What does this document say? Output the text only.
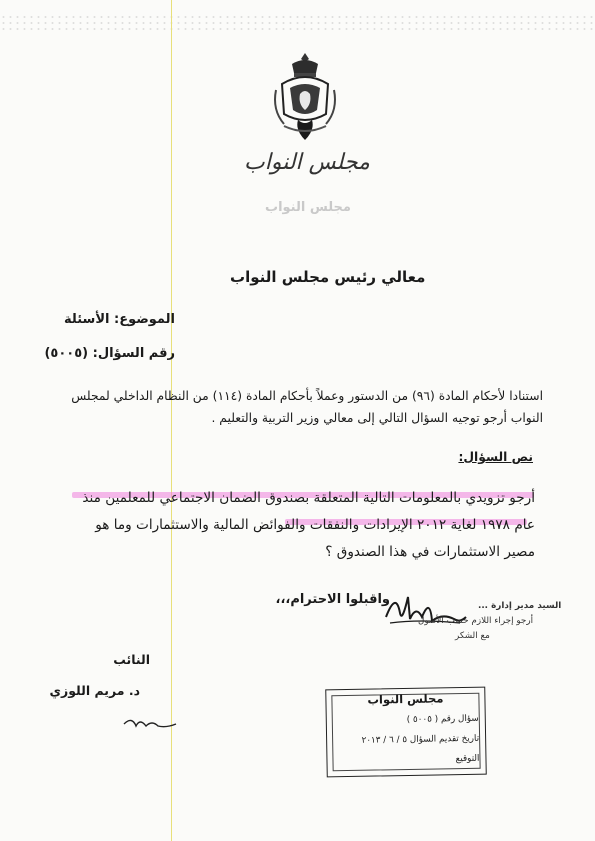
مجلس النواب
مجلس النواب
معالي رئيس مجلس النواب
الموضوع: الأسئلة
رقم السؤال: (٥٠٠٥)
استنادا لأحكام المادة (٩٦) من الدستور وعملاً بأحكام المادة (١١٤) من النظام الداخلي لمجلس النواب أرجو توجيه السؤال التالي إلى معالي وزير التربية والتعليم .
نص السؤال:
أرجو تزويدي بالمعلومات التالية المتعلقة بصندوق الضمان الاجتماعي للمعلمين منذ عام ١٩٧٨ لغاية ٢٠١٢ الإيرادات والنفقات والفوائض المالية والاستثمارات وما هو مصير الاستثمارات في هذا الصندوق ؟
واقبلوا الاحترام،،،	السيد مدير إدارة ...
أرجو إجراء اللازم حسب الأصول
مع الشكر
النائب
د. مريم اللوزي
مجلس النواب
سؤال رقم ( ٥٠٠٥ )
تاريخ تقديم السؤال ٥ / ٦ / ٢٠١٣
التوقيع
